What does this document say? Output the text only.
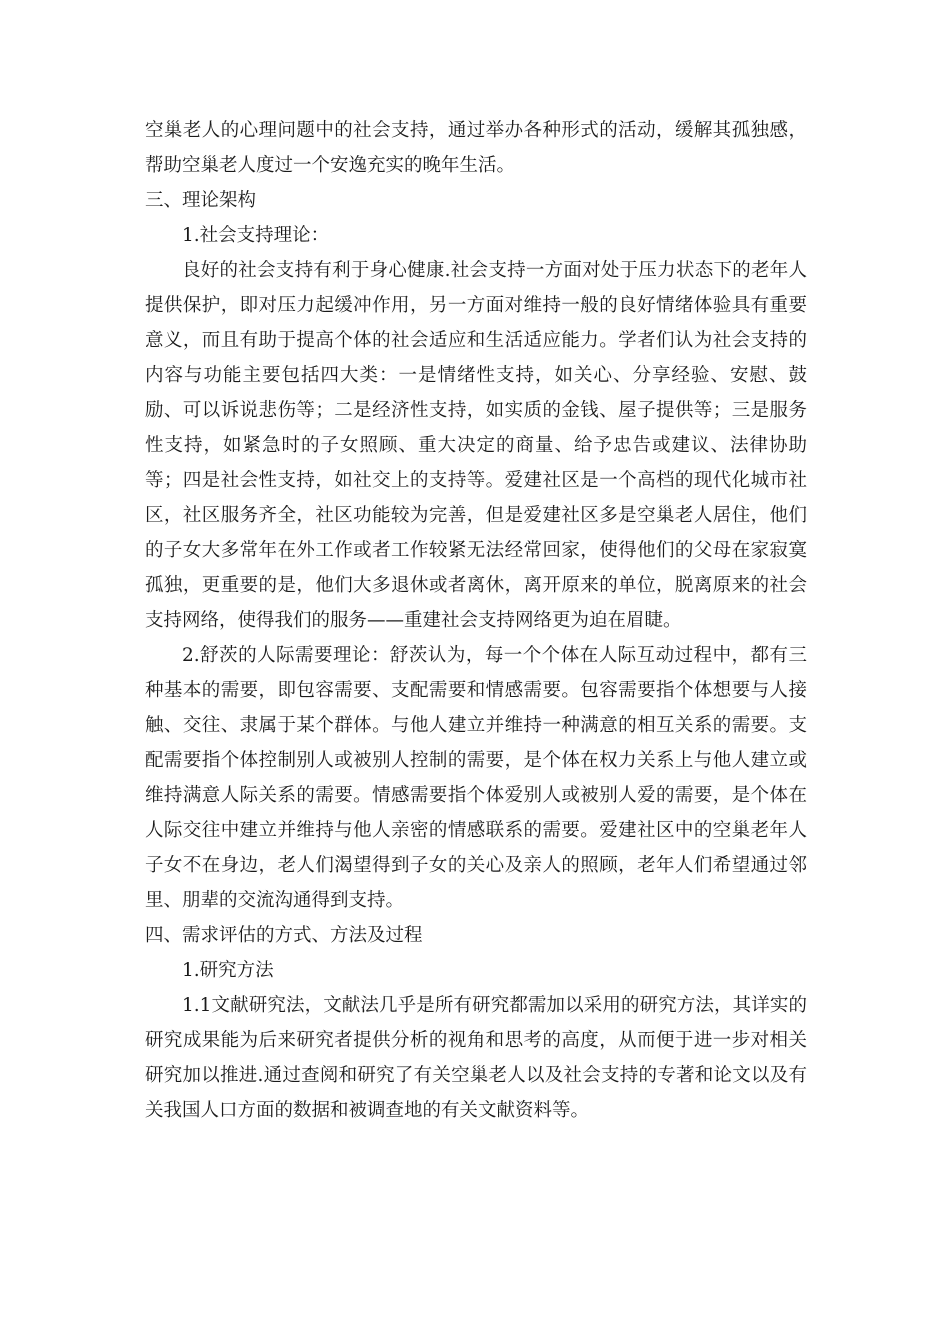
空巢老人的心理问题中的社会支持，通过举办各种形式的活动，缓解其孤独感，帮助空巢老人度过一个安逸充实的晚年生活。

三、理论架构

1.社会支持理论：

良好的社会支持有利于身心健康.社会支持一方面对处于压力状态下的老年人提供保护，即对压力起缓冲作用，另一方面对维持一般的良好情绪体验具有重要意义，而且有助于提高个体的社会适应和生活适应能力。学者们认为社会支持的内容与功能主要包括四大类：一是情绪性支持，如关心、分享经验、安慰、鼓励、可以诉说悲伤等；二是经济性支持，如实质的金钱、屋子提供等；三是服务性支持，如紧急时的子女照顾、重大决定的商量、给予忠告或建议、法律协助等；四是社会性支持，如社交上的支持等。爱建社区是一个高档的现代化城市社区，社区服务齐全，社区功能较为完善，但是爱建社区多是空巢老人居住，他们的子女大多常年在外工作或者工作较紧无法经常回家，使得他们的父母在家寂寞孤独，更重要的是，他们大多退休或者离休，离开原来的单位，脱离原来的社会支持网络，使得我们的服务——重建社会支持网络更为迫在眉睫。

2.舒茨的人际需要理论：舒茨认为，每一个个体在人际互动过程中，都有三种基本的需要，即包容需要、支配需要和情感需要。包容需要指个体想要与人接触、交往、隶属于某个群体。与他人建立并维持一种满意的相互关系的需要。支配需要指个体控制别人或被别人控制的需要，是个体在权力关系上与他人建立或维持满意人际关系的需要。情感需要指个体爱别人或被别人爱的需要，是个体在人际交往中建立并维持与他人亲密的情感联系的需要。爱建社区中的空巢老年人子女不在身边，老人们渴望得到子女的关心及亲人的照顾，老年人们希望通过邻里、朋辈的交流沟通得到支持。

四、需求评估的方式、方法及过程

1.研究方法

1.1文献研究法，文献法几乎是所有研究都需加以采用的研究方法，其详实的研究成果能为后来研究者提供分析的视角和思考的高度，从而便于进一步对相关研究加以推进.通过查阅和研究了有关空巢老人以及社会支持的专著和论文以及有关我国人口方面的数据和被调查地的有关文献资料等。
